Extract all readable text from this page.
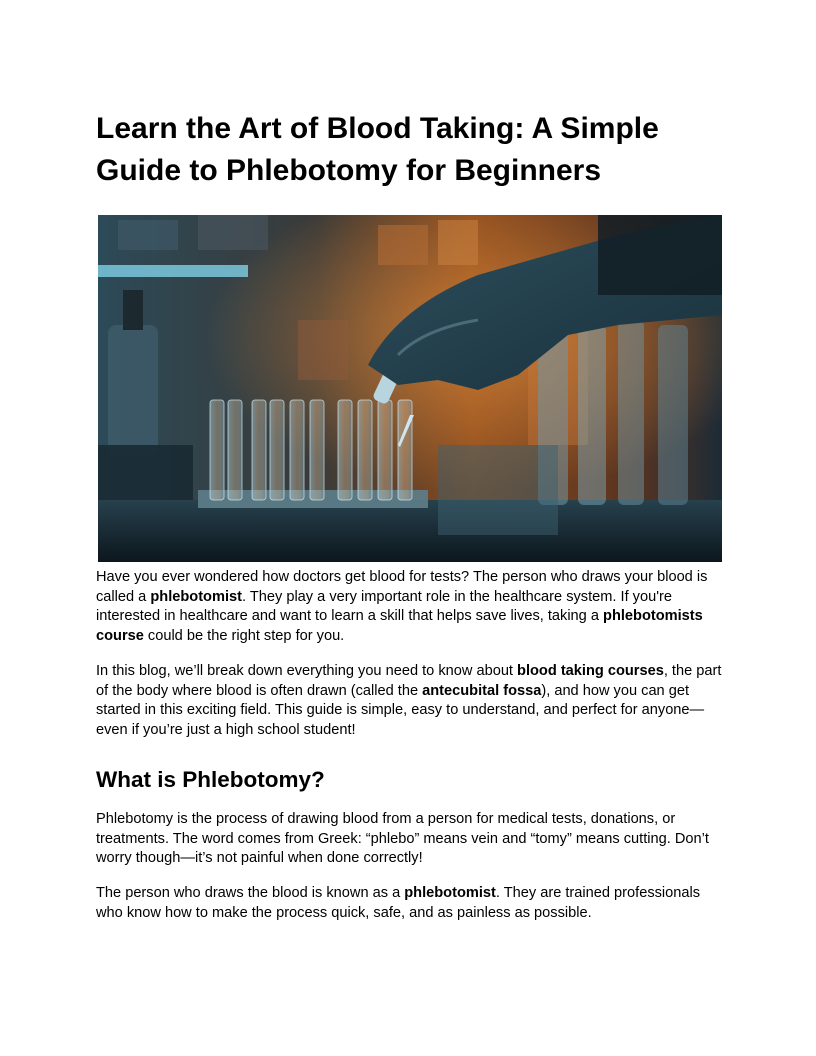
Learn the Art of Blood Taking: A Simple
Guide to Phlebotomy for Beginners

Have you ever wondered how doctors get blood for tests? The person who draws your blood is called a phlebotomist. They play a very important role in the healthcare system. If you're interested in healthcare and want to learn a skill that helps save lives, taking a phlebotomists course could be the right step for you.

In this blog, we’ll break down everything you need to know about blood taking courses, the part of the body where blood is often drawn (called the antecubital fossa), and how you can get started in this exciting field. This guide is simple, easy to understand, and perfect for anyone—even if you’re just a high school student!

What is Phlebotomy?

Phlebotomy is the process of drawing blood from a person for medical tests, donations, or treatments. The word comes from Greek: “phlebo” means vein and “tomy” means cutting. Don’t worry though—it’s not painful when done correctly!

The person who draws the blood is known as a phlebotomist. They are trained professionals who know how to make the process quick, safe, and as painless as possible.
